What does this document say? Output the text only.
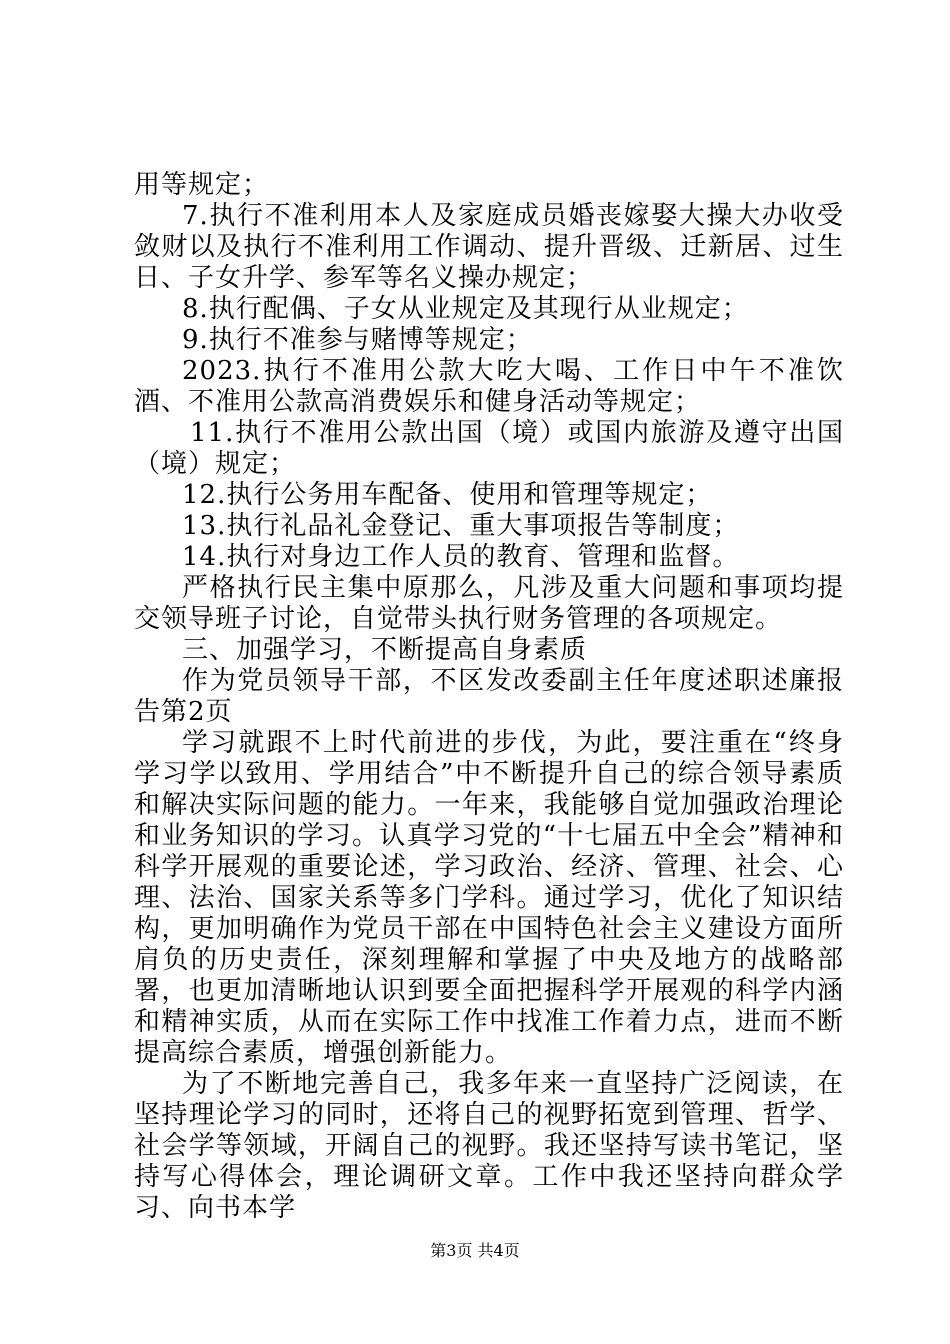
用等规定；

7.执行不准利用本人及家庭成员婚丧嫁娶大操大办收受敛财以及执行不准利用工作调动、提升晋级、迁新居、过生日、子女升学、参军等名义操办规定；

8.执行配偶、子女从业规定及其现行从业规定；

9.执行不准参与赌博等规定；

2023.执行不准用公款大吃大喝、工作日中午不准饮酒、不准用公款高消费娱乐和健身活动等规定；

11.执行不准用公款出国（境）或国内旅游及遵守出国（境）规定；

12.执行公务用车配备、使用和管理等规定；

13.执行礼品礼金登记、重大事项报告等制度；

14.执行对身边工作人员的教育、管理和监督。

严格执行民主集中原那么，凡涉及重大问题和事项均提交领导班子讨论，自觉带头执行财务管理的各项规定。

三、加强学习，不断提高自身素质

作为党员领导干部，不区发改委副主任年度述职述廉报告第2页

学习就跟不上时代前进的步伐，为此，要注重在“终身学习学以致用、学用结合”中不断提升自己的综合领导素质和解决实际问题的能力。一年来，我能够自觉加强政治理论和业务知识的学习。认真学习党的“十七届五中全会”精神和科学开展观的重要论述，学习政治、经济、管理、社会、心理、法治、国家关系等多门学科。通过学习，优化了知识结构，更加明确作为党员干部在中国特色社会主义建设方面所肩负的历史责任，深刻理解和掌握了中央及地方的战略部署，也更加清晰地认识到要全面把握科学开展观的科学内涵和精神实质，从而在实际工作中找准工作着力点，进而不断提高综合素质，增强创新能力。

为了不断地完善自己，我多年来一直坚持广泛阅读，在坚持理论学习的同时，还将自己的视野拓宽到管理、哲学、社会学等领域，开阔自己的视野。我还坚持写读书笔记，坚持写心得体会，理论调研文章。工作中我还坚持向群众学习、向书本学

第3页 共4页
